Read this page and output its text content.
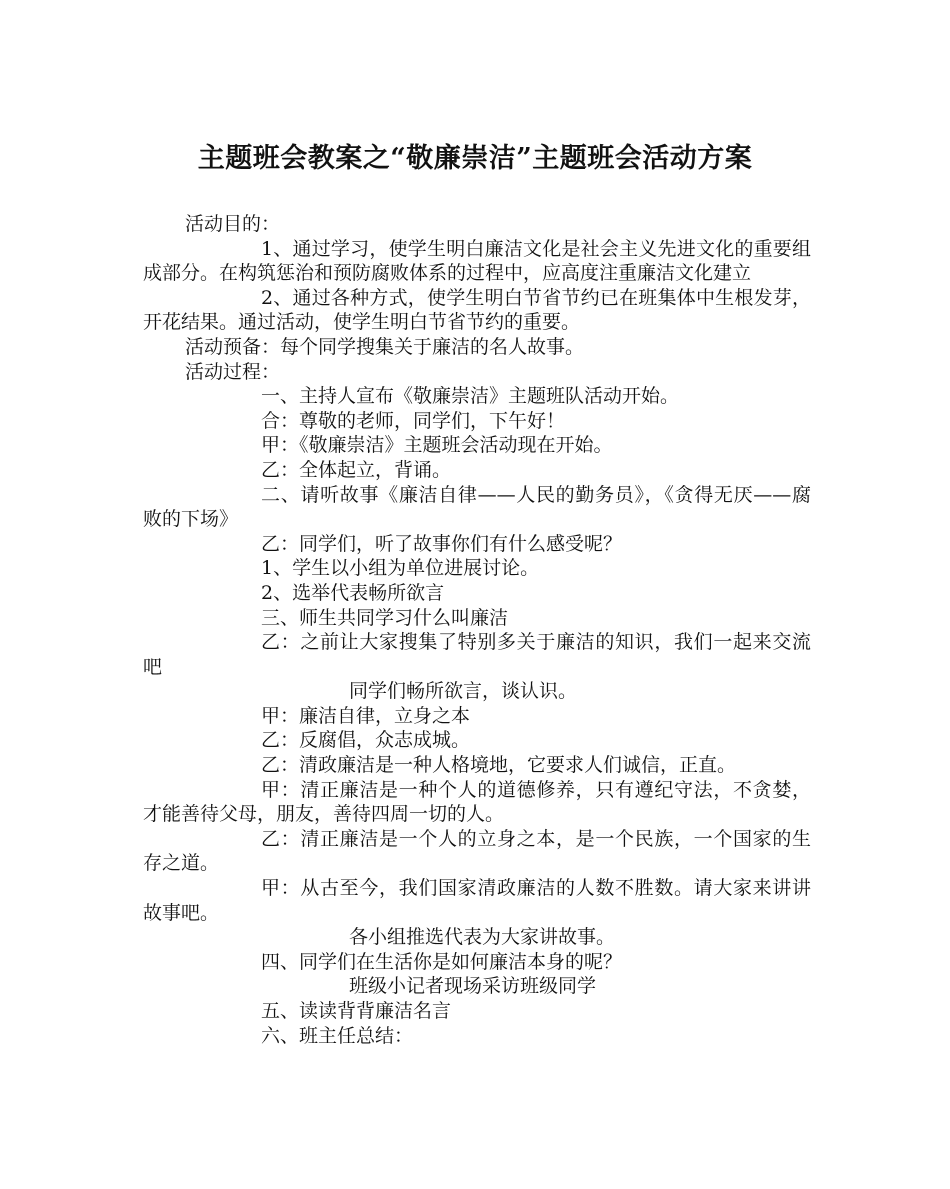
主题班会教案之“敬廉崇洁”主题班会活动方案

活动目的：

1、通过学习，使学生明白廉洁文化是社会主义先进文化的重要组成部分。在构筑惩治和预防腐败体系的过程中，应高度注重廉洁文化建立

2、通过各种方式，使学生明白节省节约已在班集体中生根发芽，开花结果。通过活动，使学生明白节省节约的重要。

活动预备：每个同学搜集关于廉洁的名人故事。

活动过程：

一、主持人宣布《敬廉崇洁》主题班队活动开始。

合：尊敬的老师，同学们，下午好！

甲：《敬廉崇洁》主题班会活动现在开始。

乙：全体起立，背诵。

二、请听故事《廉洁自律——人民的勤务员》，《贪得无厌——腐败的下场》

乙：同学们，听了故事你们有什么感受呢？

1、学生以小组为单位进展讨论。

2、选举代表畅所欲言

三、师生共同学习什么叫廉洁

乙：之前让大家搜集了特别多关于廉洁的知识，我们一起来交流吧

同学们畅所欲言，谈认识。

甲：廉洁自律，立身之本

乙：反腐倡，众志成城。

乙：清政廉洁是一种人格境地，它要求人们诚信，正直。

甲：清正廉洁是一种个人的道德修养，只有遵纪守法，不贪婪，才能善待父母，朋友，善待四周一切的人。

乙：清正廉洁是一个人的立身之本，是一个民族，一个国家的生存之道。

甲：从古至今，我们国家清政廉洁的人数不胜数。请大家来讲讲故事吧。

各小组推选代表为大家讲故事。

四、同学们在生活你是如何廉洁本身的呢？

班级小记者现场采访班级同学

五、读读背背廉洁名言

六、班主任总结：
